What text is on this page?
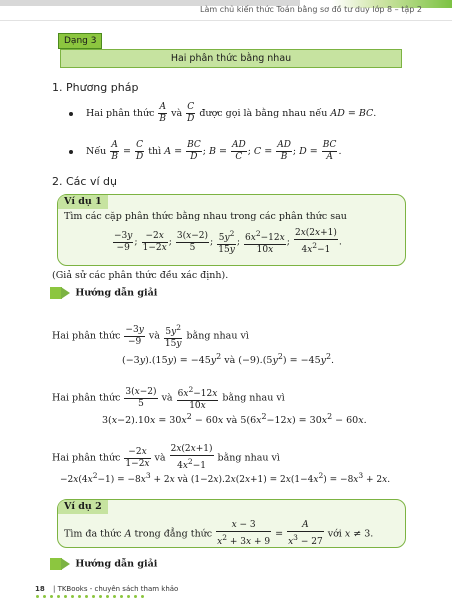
Làm chủ kiến thức Toán bằng sơ đồ tư duy lớp 8 – tập 2
Dạng 3
Hai phân thức bằng nhau
1. Phương pháp
Hai phân thức $\frac{A}{B}$ và $\frac{C}{D}$ được gọi là bằng nhau nếu AD = BC.
Nếu $\frac{A}{B} = \frac{C}{D}$ thì $A = \frac{BC}{D}$ ; $B = \frac{AD}{C}$ ; $C = \frac{AD}{B}$ ; $D = \frac{BC}{A}$ .
2. Các ví dụ
Ví dụ 1
Tìm các cặp phân thức bằng nhau trong các phân thức sau
$\frac{-3y}{-9}$ ; $\frac{-2x}{1-2x}$ ; $\frac{3(x-2)}{5}$ ; $\frac{5y^2}{15y}$ ; $\frac{6x^2-12x}{10x}$ ; $\frac{2x(2x+1)}{4x^2-1}$ .
(Giả sử các phân thức đều xác định).
Hướng dẫn giải
Hai phân thức $\frac{-3y}{-9}$ và $\frac{5y^2}{15y}$ bằng nhau vì
$(-3y).(15y) = -45y^2$ và $(-9).(5y^2) = -45y^2$.
Hai phân thức $\frac{3(x-2)}{5}$ và $\frac{6x^2-12x}{10x}$ bằng nhau vì
$3(x-2).10x = 30x^2 - 60x$ và $5(6x^2-12x) = 30x^2 - 60x$.
Hai phân thức $\frac{-2x}{1-2x}$ và $\frac{2x(2x+1)}{4x^2-1}$ bằng nhau vì
$-2x(4x^2-1) = -8x^3 + 2x$ và $(1-2x).2x(2x+1) = 2x(1-4x^2) = -8x^3 + 2x$.
Ví dụ 2
Tìm đa thức A trong đẳng thức $\frac{x - 3}{x^2 + 3x + 9} = \frac{A}{x^3 - 27}$ với x ≠ 3.
Hướng dẫn giải
18 | TKBooks - chuyên sách tham khảo
